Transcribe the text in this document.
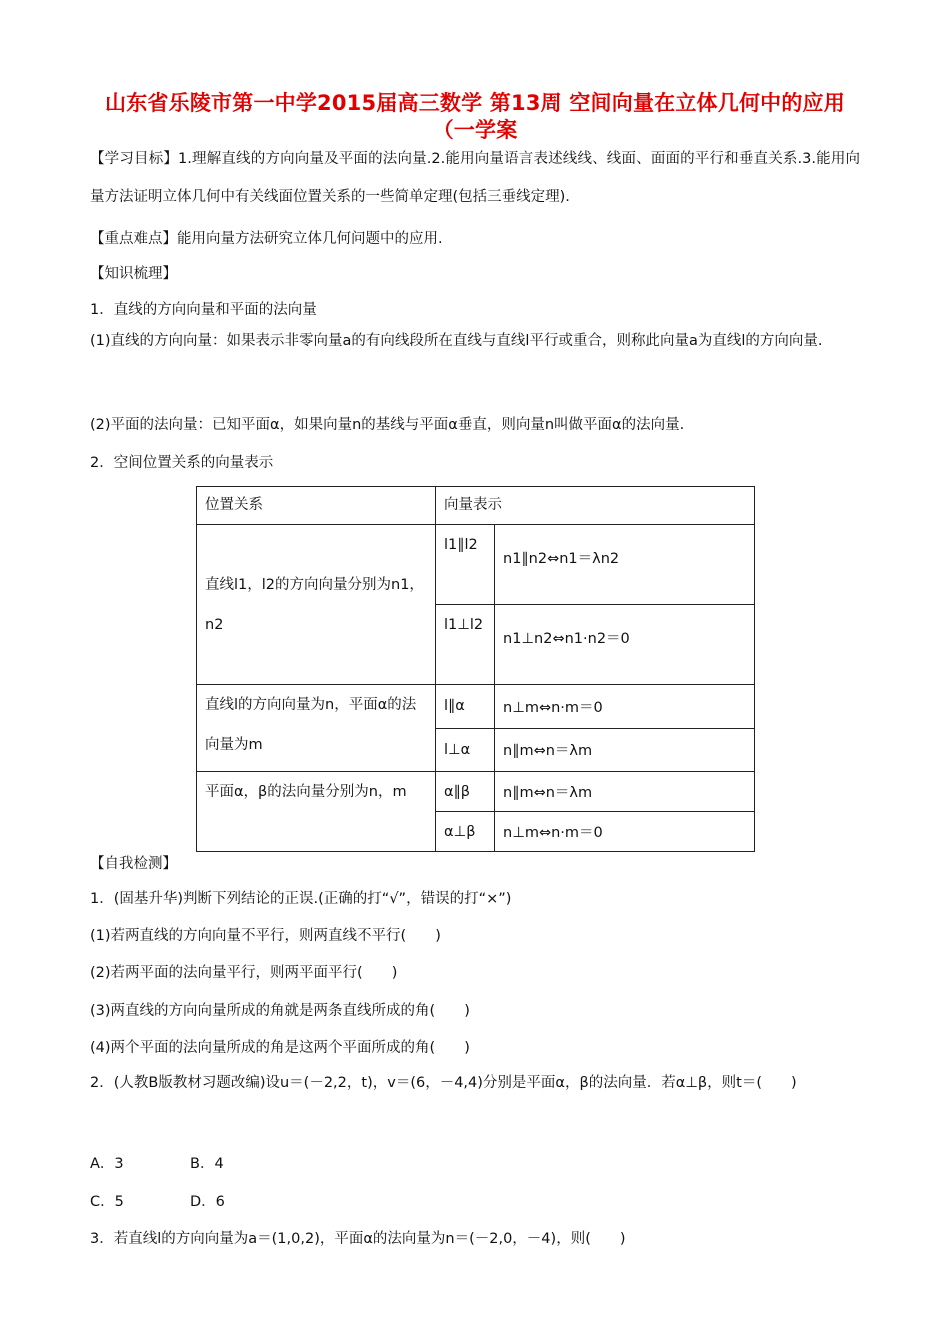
山东省乐陵市第一中学2015届高三数学 第13周 空间向量在立体几何中的应用（一学案
【学习目标】1.理解直线的方向向量及平面的法向量.2.能用向量语言表述线线、线面、面面的平行和垂直关系.3.能用向量方法证明立体几何中有关线面位置关系的一些简单定理(包括三垂线定理).
【重点难点】能用向量方法研究立体几何问题中的应用.
【知识梳理】
1．直线的方向向量和平面的法向量
(1)直线的方向向量：如果表示非零向量a的有向线段所在直线与直线l平行或重合，则称此向量a为直线l的方向向量.
(2)平面的法向量：已知平面α，如果向量n的基线与平面α垂直，则向量n叫做平面α的法向量.
2．空间位置关系的向量表示
位置关系	向量表示	
直线l1，l2的方向向量分别为n1，n2	l1∥l2	n1∥n2⇔n1＝λn2
	l1⊥l2	n1⊥n2⇔n1·n2＝0
直线l的方向向量为n，平面α的法向量为m	l∥α	n⊥m⇔n·m＝0
	l⊥α	n∥m⇔n＝λm
平面α，β的法向量分别为n，m	α∥β	n∥m⇔n＝λm
	α⊥β	n⊥m⇔n·m＝0
【自我检测】
1．(固基升华)判断下列结论的正误.(正确的打“√”，错误的打“×”)
(1)若两直线的方向向量不平行，则两直线不平行(　　)
(2)若两平面的法向量平行，则两平面平行(　　)
(3)两直线的方向向量所成的角就是两条直线所成的角(　　)
(4)两个平面的法向量所成的角是这两个平面所成的角(　　)
2．(人教B版教材习题改编)设u＝(－2,2，t)，v＝(6，－4,4)分别是平面α，β的法向量．若α⊥β，则t＝(　　)
A．3	B．4
C．5	D．6
3．若直线l的方向向量为a＝(1,0,2)，平面α的法向量为n＝(－2,0，－4)，则(　　)
